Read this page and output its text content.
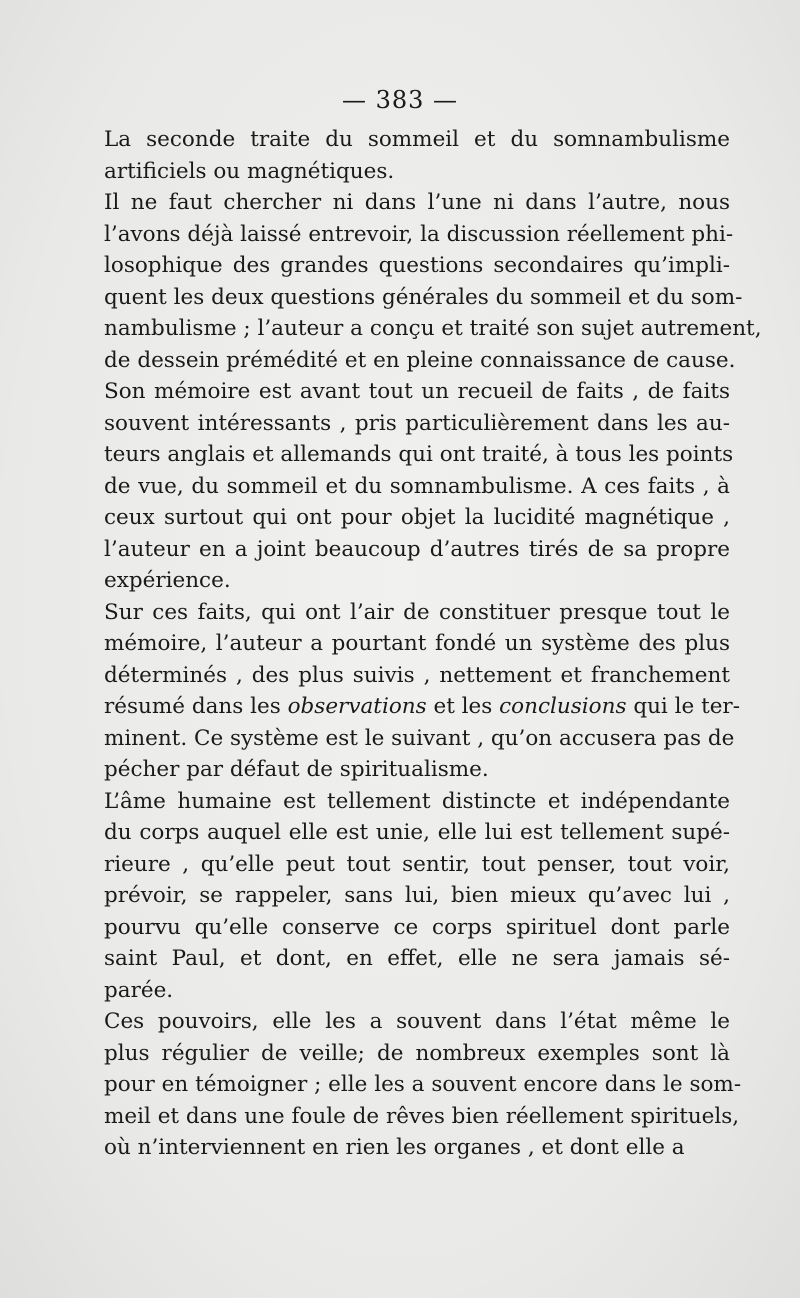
— 383 —
La seconde traite du sommeil et du somnambulisme
artificiels ou magnétiques.
Il ne faut chercher ni dans l’une ni dans l’autre, nous
l’avons déjà laissé entrevoir, la discussion réellement phi-
losophique des grandes questions secondaires qu’impli-
quent les deux questions générales du sommeil et du som-
nambulisme ; l’auteur a conçu et traité son sujet autrement,
de dessein prémédité et en pleine connaissance de cause.
Son mémoire est avant tout un recueil de faits , de faits
souvent intéressants , pris particulièrement dans les au-
teurs anglais et allemands qui ont traité, à tous les points
de vue, du sommeil et du somnambulisme. A ces faits , à
ceux surtout qui ont pour objet la lucidité magnétique ,
l’auteur en a joint beaucoup d’autres tirés de sa propre
expérience.
Sur ces faits, qui ont l’air de constituer presque tout le
mémoire, l’auteur a pourtant fondé un système des plus
déterminés , des plus suivis , nettement et franchement
résumé dans les observations et les conclusions qui le ter-
minent. Ce système est le suivant , qu’on accusera pas de
pécher par défaut de spiritualisme.
L’âme humaine est tellement distincte et indépendante
du corps auquel elle est unie, elle lui est tellement supé-
rieure , qu’elle peut tout sentir, tout penser, tout voir,
prévoir, se rappeler, sans lui, bien mieux qu’avec lui ,
pourvu qu’elle conserve ce corps spirituel dont parle
saint Paul, et dont, en effet, elle ne sera jamais sé-
parée.
Ces pouvoirs, elle les a souvent dans l’état même le
plus régulier de veille; de nombreux exemples sont là
pour en témoigner ; elle les a souvent encore dans le som-
meil et dans une foule de rêves bien réellement spirituels,
où n’interviennent en rien les organes , et dont elle a
